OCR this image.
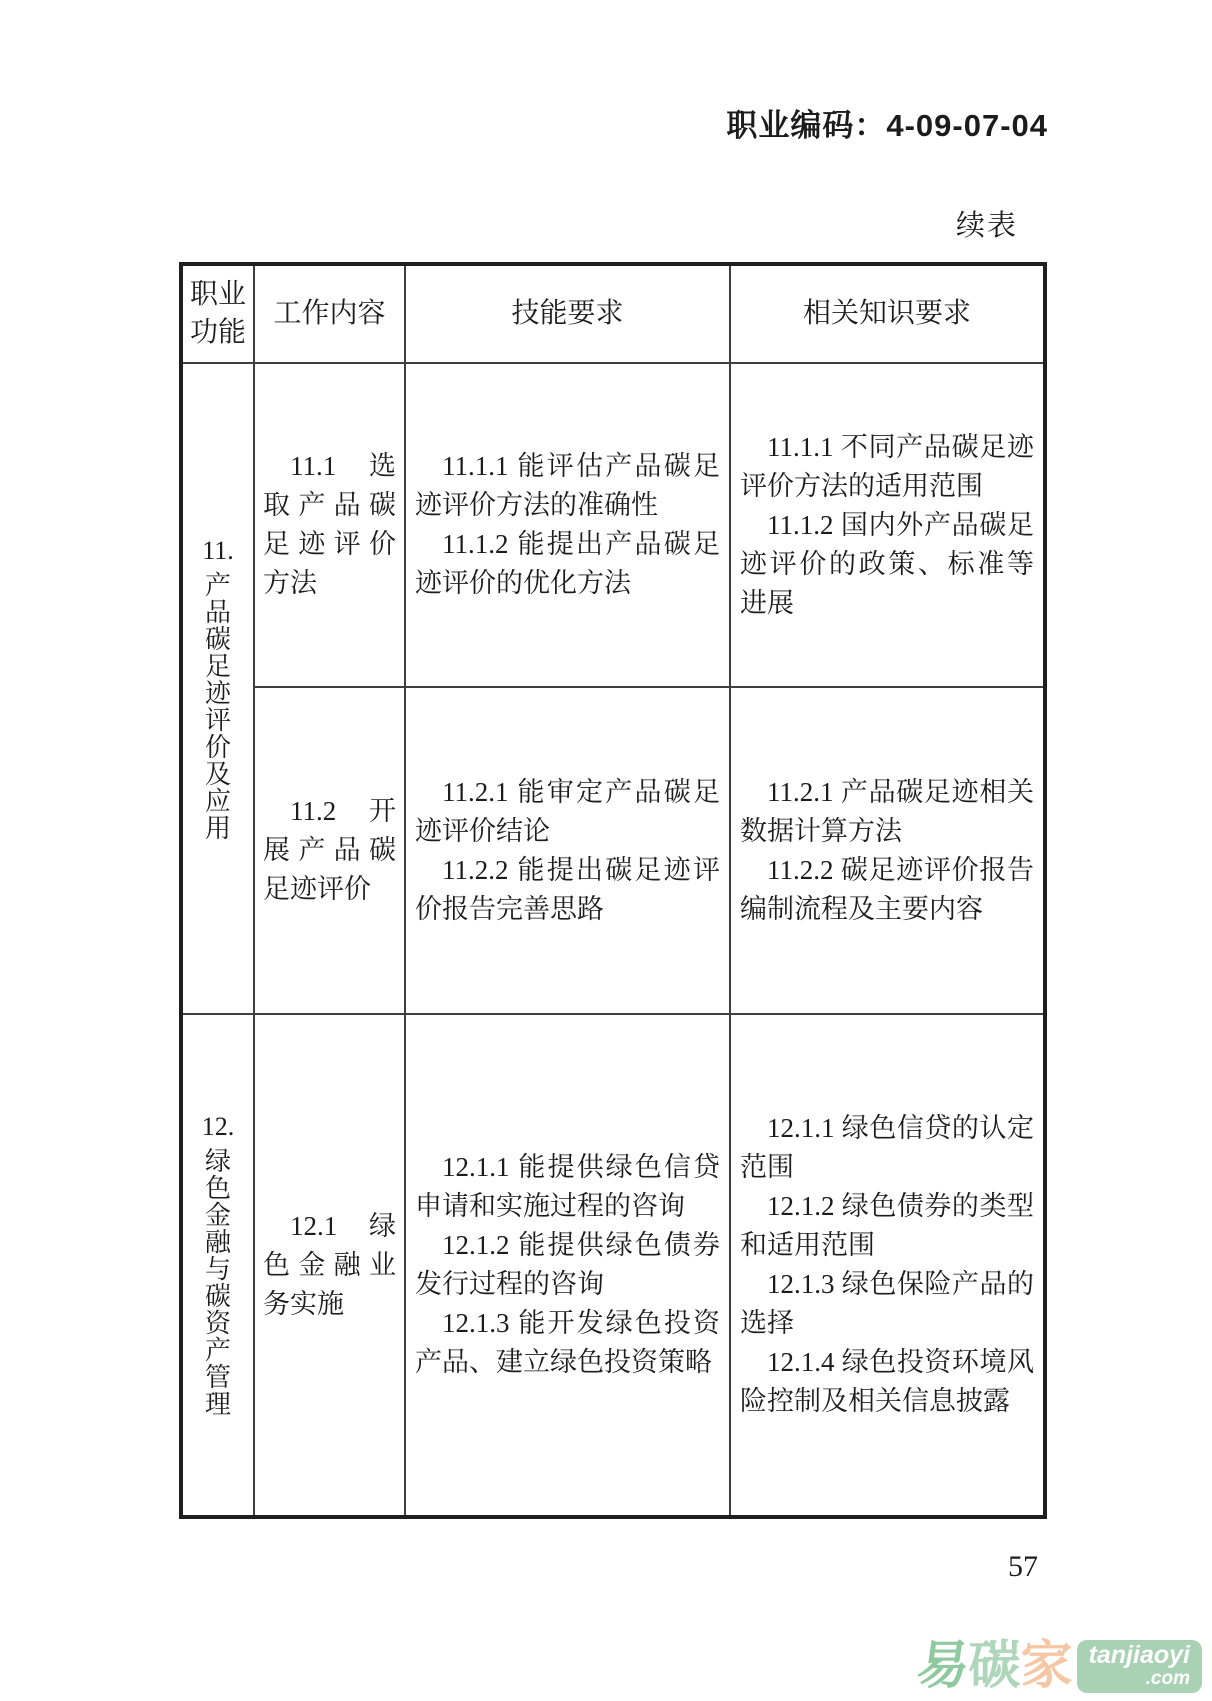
职业编码：4-09-07-04
续表
职业功能
工作内容	技能要求	相关知识要求
11.
产品碳足迹评价及应用
11.1 选取产品碳足迹评价方法

11.1.1 能评估产品碳足迹评价方法的准确性

11.1.2 能提出产品碳足迹评价的优化方法

11.1.1 不同产品碳足迹评价方法的适用范围

11.1.2 国内外产品碳足迹评价的政策、标准等进展

11.2 开展产品碳足迹评价

11.2.1 能审定产品碳足迹评价结论

11.2.2 能提出碳足迹评价报告完善思路

11.2.1 产品碳足迹相关数据计算方法

11.2.2 碳足迹评价报告编制流程及主要内容

12.
绿色金融与碳资产管理
12.1 绿色金融业务实施

12.1.1 能提供绿色信贷申请和实施过程的咨询

12.1.2 能提供绿色债券发行过程的咨询

12.1.3 能开发绿色投资产品、建立绿色投资策略

12.1.1 绿色信贷的认定范围

12.1.2 绿色债券的类型和适用范围

12.1.3 绿色保险产品的选择

12.1.4 绿色投资环境风险控制及相关信息披露

57
易
碳 家 tanjiaoyi
.com
